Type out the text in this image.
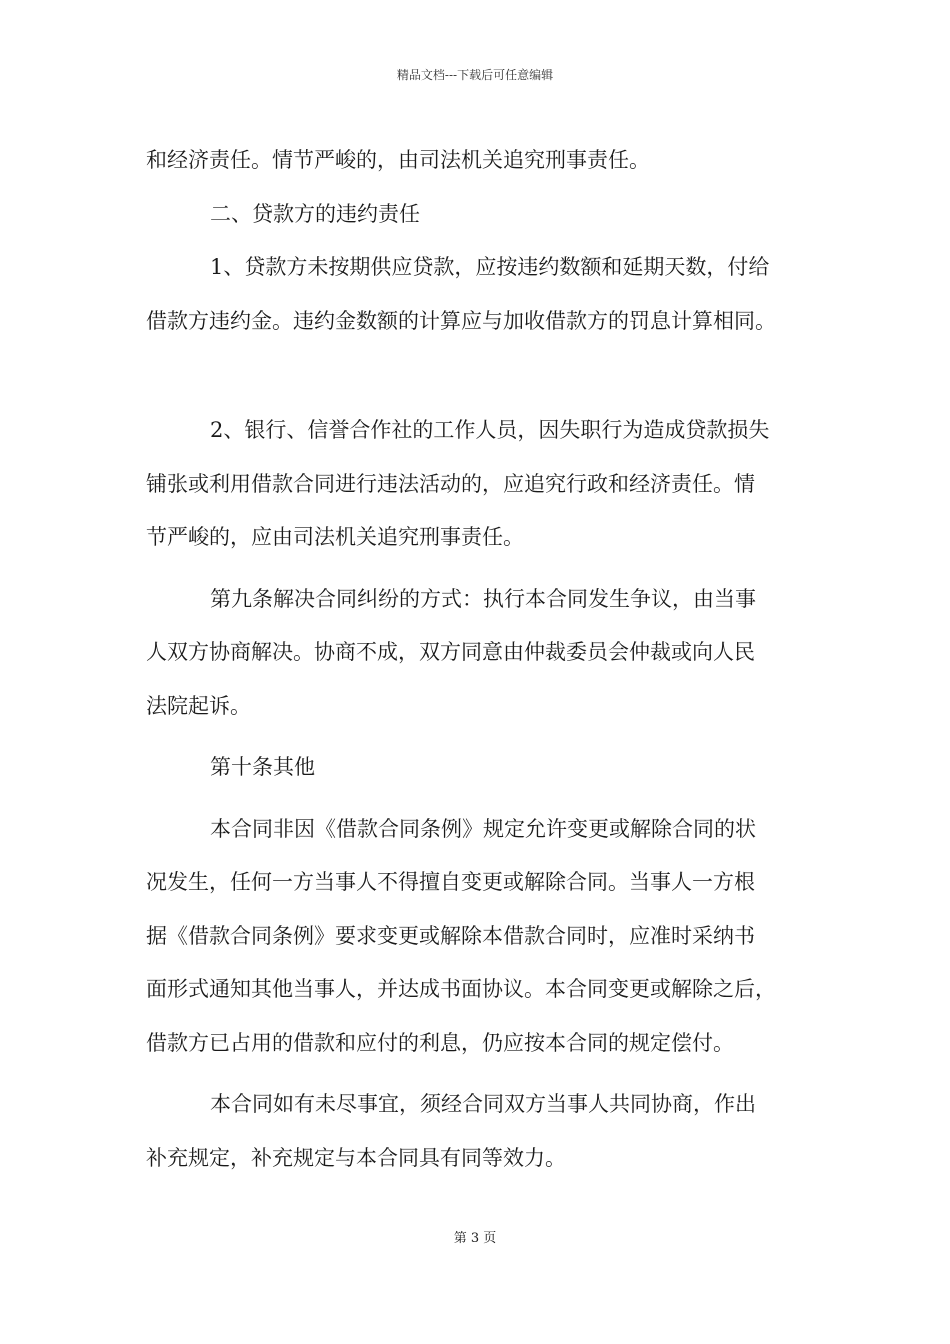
精品文档---下载后可任意编辑

和经济责任。情节严峻的，由司法机关追究刑事责任。

二、贷款方的违约责任

1、贷款方未按期供应贷款，应按违约数额和延期天数，付给

借款方违约金。违约金数额的计算应与加收借款方的罚息计算相同。

2、银行、信誉合作社的工作人员，因失职行为造成贷款损失

铺张或利用借款合同进行违法活动的，应追究行政和经济责任。情

节严峻的，应由司法机关追究刑事责任。

第九条解决合同纠纷的方式：执行本合同发生争议，由当事

人双方协商解决。协商不成，双方同意由仲裁委员会仲裁或向人民

法院起诉。

第十条其他

本合同非因《借款合同条例》规定允许变更或解除合同的状

况发生，任何一方当事人不得擅自变更或解除合同。当事人一方根

据《借款合同条例》要求变更或解除本借款合同时，应准时采纳书

面形式通知其他当事人，并达成书面协议。本合同变更或解除之后，

借款方已占用的借款和应付的利息，仍应按本合同的规定偿付。

本合同如有未尽事宜，须经合同双方当事人共同协商，作出

补充规定，补充规定与本合同具有同等效力。

第 3 页
